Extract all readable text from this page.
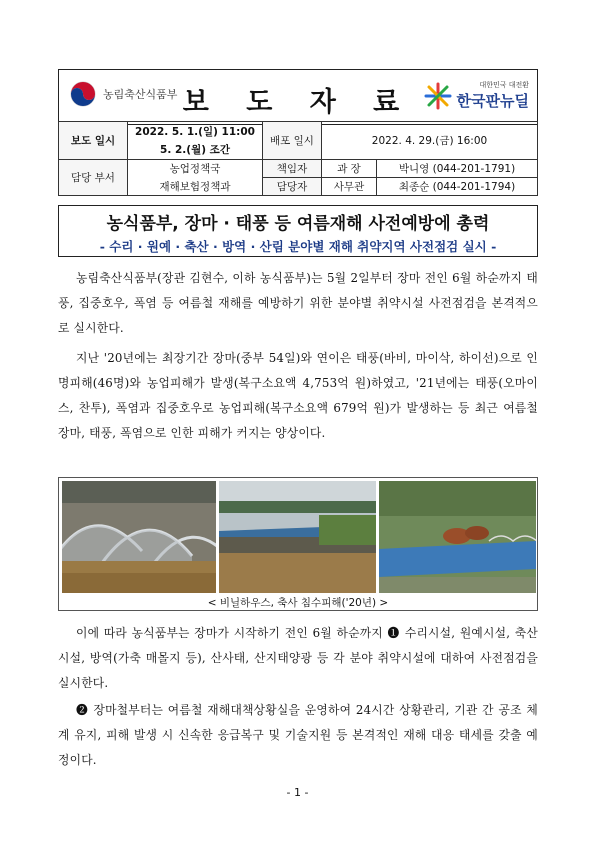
농림축산식품부 보 도 자 료
대한민국 대전환
한국판뉴딜
보도 일시	2022. 5. 1.(일) 11:00	배포 일시	2022. 4. 29.(금) 16:00	
	5. 2.(월) 조간			
담당 부서	농업정책국	책임자	과 장	박니영 (044-201-1791)
	재해보험정책과	담당자	사무관	최종순 (044-201-1794)
농식품부, 장마 · 태풍 등 여름재해 사전예방에 총력
- 수리 · 원예 · 축산 · 방역 · 산림 분야별 재해 취약지역 사전점검 실시 -
농림축산식품부(장관 김현수, 이하 농식품부)는 5월 2일부터 장마 전인 6월 하순까지 태풍, 집중호우, 폭염 등 여름철 재해를 예방하기 위한 분야별 취약시설 사전점검을 본격적으로 실시한다.
지난 '20년에는 최장기간 장마(중부 54일)와 연이은 태풍(바비, 마이삭, 하이선)으로 인명피해(46명)와 농업피해가 발생(복구소요액 4,753억 원)하였고, '21년에는 태풍(오마이스, 찬투), 폭염과 집중호우로 농업피해(복구소요액 679억 원)가 발생하는 등 최근 여름철 장마, 태풍, 폭염으로 인한 피해가 커지는 양상이다.
< 비닐하우스, 축사 침수피해('20년) >
이에 따라 농식품부는 장마가 시작하기 전인 6월 하순까지 ❶ 수리시설, 원예시설, 축산시설, 방역(가축 매몰지 등), 산사태, 산지태양광 등 각 분야 취약시설에 대하여 사전점검을 실시한다.
❷ 장마철부터는 여름철 재해대책상황실을 운영하여 24시간 상황관리, 기관 간 공조 체계 유지, 피해 발생 시 신속한 응급복구 및 기술지원 등 본격적인 재해 대응 태세를 갖출 예정이다.
- 1 -
